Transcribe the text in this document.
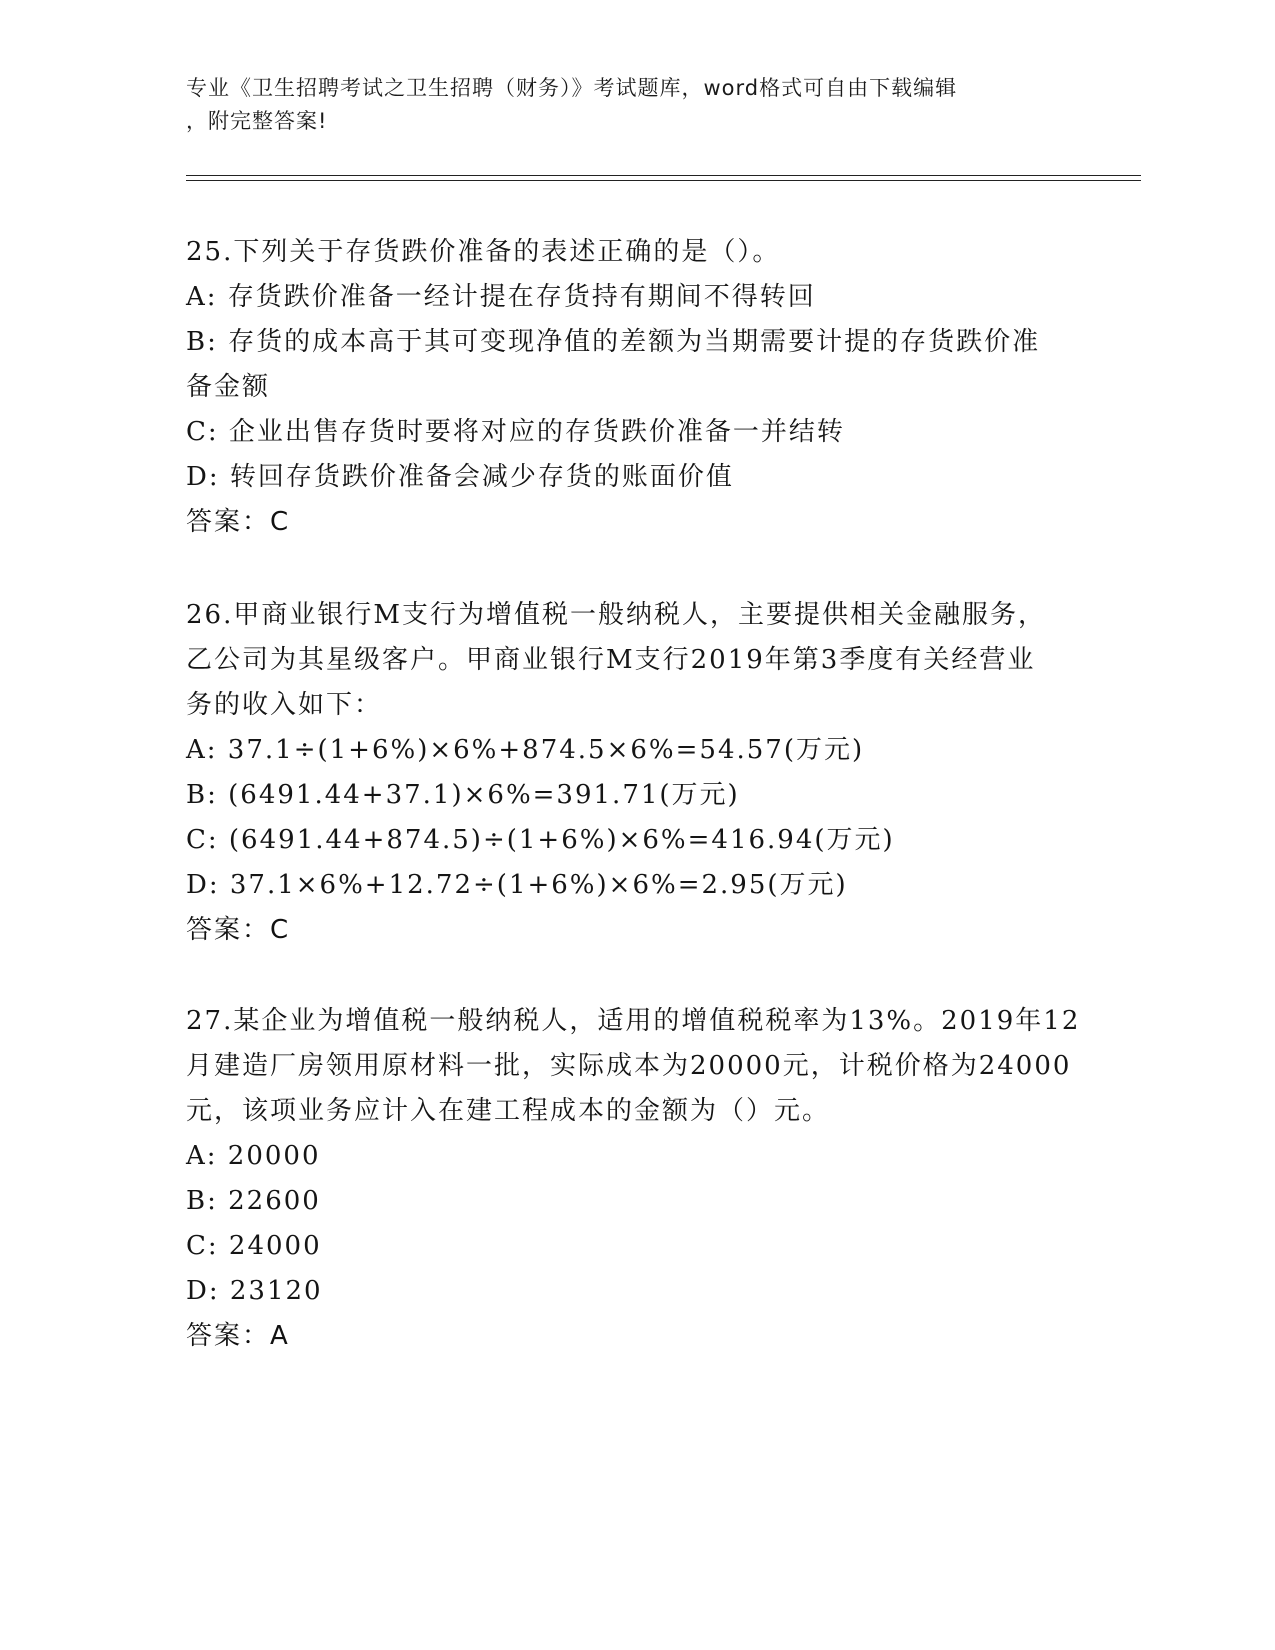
专业《卫生招聘考试之卫生招聘（财务）》考试题库，word格式可自由下载编辑
，附完整答案!
25.下列关于存货跌价准备的表述正确的是（）。
A: 存货跌价准备一经计提在存货持有期间不得转回
B: 存货的成本高于其可变现净值的差额为当期需要计提的存货跌价准
备金额
C: 企业出售存货时要将对应的存货跌价准备一并结转
D: 转回存货跌价准备会减少存货的账面价值
答案：C
26.甲商业银行M支行为增值税一般纳税人，主要提供相关金融服务，
乙公司为其星级客户。甲商业银行M支行2019年第3季度有关经营业
务的收入如下：
A: 37.1÷(1+6%)×6%+874.5×6%=54.57(万元)
B: (6491.44+37.1)×6%=391.71(万元)
C: (6491.44+874.5)÷(1+6%)×6%=416.94(万元)
D: 37.1×6%+12.72÷(1+6%)×6%=2.95(万元)
答案：C
27.某企业为增值税一般纳税人，适用的增值税税率为13%。2019年12
月建造厂房领用原材料一批，实际成本为20000元，计税价格为24000
元，该项业务应计入在建工程成本的金额为（）元。
A: 20000
B: 22600
C: 24000
D: 23120
答案：A
